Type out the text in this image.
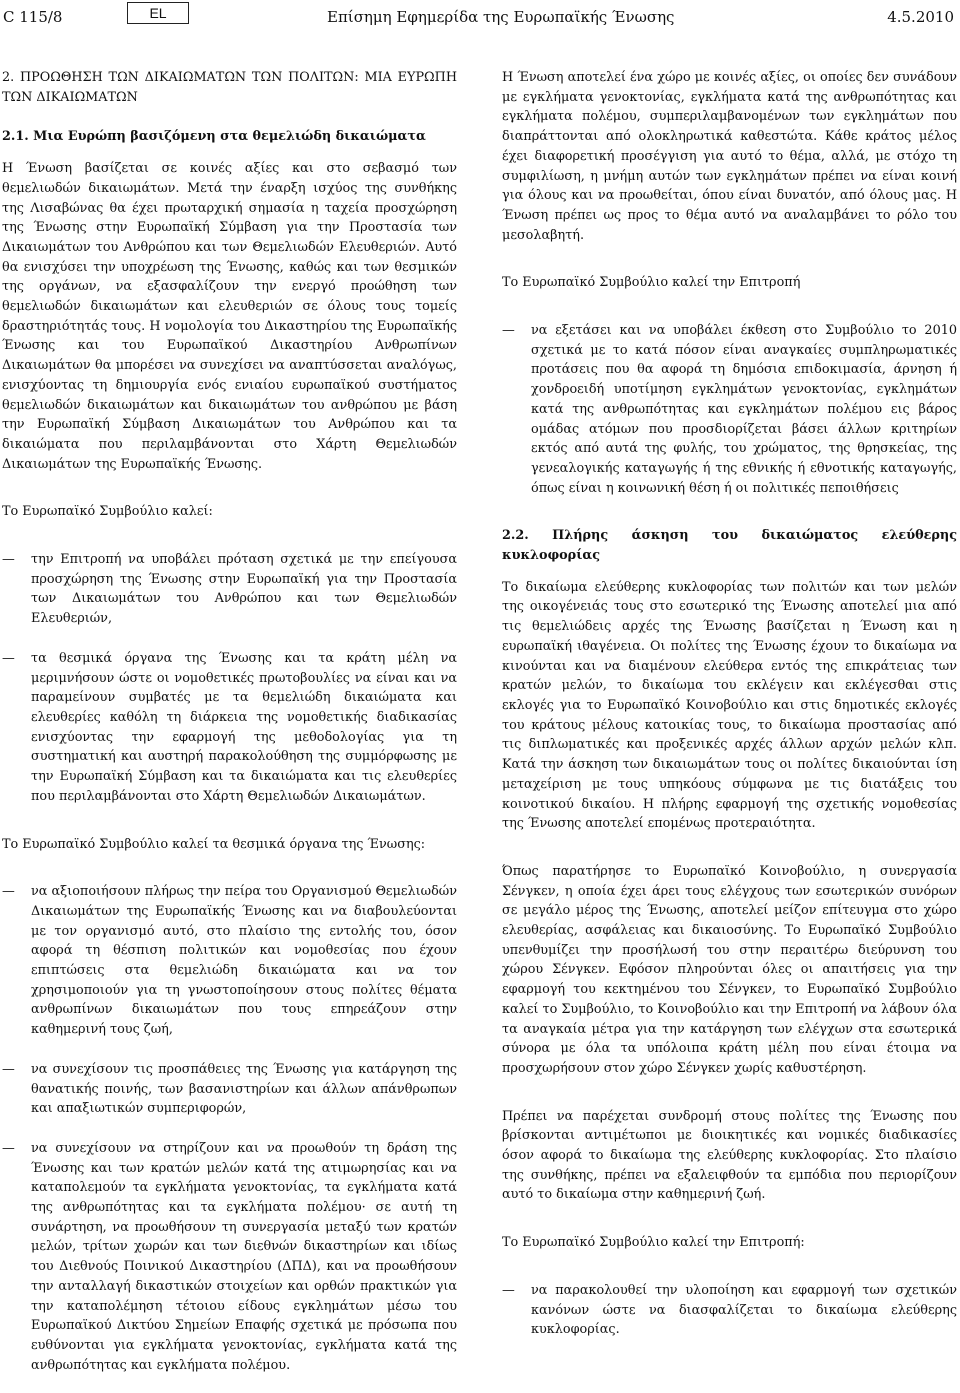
C 115/8	EL	Επίσημη Εφημερίδα της Ευρωπαϊκής Ένωσης	4.5.2010

2. ΠΡΟΩΘΗΣΗ ΤΩΝ ΔΙΚΑΙΩΜΑΤΩΝ ΤΩΝ ΠΟΛΙΤΩΝ: ΜΙΑ ΕΥΡΩΠΗ ΤΩΝ ΔΙΚΑΙΩΜΑΤΩΝ

2.1. Μια Ευρώπη βασιζόμενη στα θεμελιώδη δικαιώματα

Η Ένωση βασίζεται σε κοινές αξίες και στο σεβασμό των θεμελιωδών δικαιωμάτων. Μετά την έναρξη ισχύος της συνθήκης της Λισαβώνας θα έχει πρωταρχική σημασία η ταχεία προσχώρηση της Ένωσης στην Ευρωπαϊκή Σύμβαση για την Προστασία των Δικαιωμάτων του Ανθρώπου και των Θεμελιωδών Ελευθεριών. Αυτό θα ενισχύσει την υποχρέωση της Ένωσης, καθώς και των θεσμικών της οργάνων, να εξασφαλίζουν την ενεργό προώθηση των θεμελιωδών δικαιωμάτων και ελευθεριών σε όλους τους τομείς δραστηριότητάς τους. Η νομολογία του Δικαστηρίου της Ευρωπαϊκής Ένωσης και του Ευρωπαϊκού Δικαστηρίου Ανθρωπίνων Δικαιωμάτων θα μπορέσει να συνεχίσει να αναπτύσσεται αναλόγως, ενισχύοντας τη δημιουργία ενός ενιαίου ευρωπαϊκού συστήματος θεμελιωδών δικαιωμάτων και δικαιωμάτων του ανθρώπου με βάση την Ευρωπαϊκή Σύμβαση Δικαιωμάτων του Ανθρώπου και τα δικαιώματα που περιλαμβάνονται στο Χάρτη Θεμελιωδών Δικαιωμάτων της Ευρωπαϊκής Ένωσης.

Το Ευρωπαϊκό Συμβούλιο καλεί:

—	την Επιτροπή να υποβάλει πρόταση σχετικά με την επείγουσα προσχώρηση της Ένωσης στην Ευρωπαϊκή για την Προστασία των Δικαιωμάτων του Ανθρώπου και των Θεμελιωδών Ελευθεριών,

—	τα θεσμικά όργανα της Ένωσης και τα κράτη μέλη να μεριμνήσουν ώστε οι νομοθετικές πρωτοβουλίες να είναι και να παραμείνουν συμβατές με τα θεμελιώδη δικαιώματα και ελευθερίες καθόλη τη διάρκεια της νομοθετικής διαδικασίας ενισχύοντας την εφαρμογή της μεθοδολογίας για τη συστηματική και αυστηρή παρακολούθηση της συμμόρφωσης με την Ευρωπαϊκή Σύμβαση και τα δικαιώματα και τις ελευθερίες που περιλαμβάνονται στο Χάρτη Θεμελιωδών Δικαιωμάτων.

Το Ευρωπαϊκό Συμβούλιο καλεί τα θεσμικά όργανα της Ένωσης:

—	να αξιοποιήσουν πλήρως την πείρα του Οργανισμού Θεμελιωδών Δικαιωμάτων της Ευρωπαϊκής Ένωσης και να διαβουλεύονται με τον οργανισμό αυτό, στο πλαίσιο της εντολής του, όσον αφορά τη θέσπιση πολιτικών και νομοθεσίας που έχουν επιπτώσεις στα θεμελιώδη δικαιώματα και να τον χρησιμοποιούν για τη γνωστοποίησουν στους πολίτες θέματα ανθρωπίνων δικαιωμάτων που τους επηρεάζουν στην καθημερινή τους ζωή,

—	να συνεχίσουν τις προσπάθειες της Ένωσης για κατάργηση της θανατικής ποινής, των βασανιστηρίων και άλλων απάνθρωπων και απαξιωτικών συμπεριφορών,

—	να συνεχίσουν να στηρίζουν και να προωθούν τη δράση της Ένωσης και των κρατών μελών κατά της ατιμωρησίας και να καταπολεμούν τα εγκλήματα γενοκτονίας, τα εγκλήματα κατά της ανθρωπότητας και τα εγκλήματα πολέμου· σε αυτή τη συνάρτηση, να προωθήσουν τη συνεργασία μεταξύ των κρατών μελών, τρίτων χωρών και των διεθνών δικαστηρίων και ιδίως του Διεθνούς Ποινικού Δικαστηρίου (ΔΠΔ), και να προωθήσουν την ανταλλαγή δικαστικών στοιχείων και ορθών πρακτικών για την καταπολέμηση τέτοιου είδους εγκλημάτων μέσω του Ευρωπαϊκού Δικτύου Σημείων Επαφής σχετικά με πρόσωπα που ευθύνονται για εγκλήματα γενοκτονίας, εγκλήματα κατά της ανθρωπότητας και εγκλήματα πολέμου.

Η Ένωση αποτελεί ένα χώρο με κοινές αξίες, οι οποίες δεν συνάδουν με εγκλήματα γενοκτονίας, εγκλήματα κατά της ανθρωπότητας και εγκλήματα πολέμου, συμπεριλαμβανομένων των εγκλημάτων που διαπράττονται από ολοκληρωτικά καθεστώτα. Κάθε κράτος μέλος έχει διαφορετική προσέγγιση για αυτό το θέμα, αλλά, με στόχο τη συμφιλίωση, η μνήμη αυτών των εγκλημάτων πρέπει να είναι κοινή για όλους και να προωθείται, όπου είναι δυνατόν, από όλους μας. Η Ένωση πρέπει ως προς το θέμα αυτό να αναλαμβάνει το ρόλο του μεσολαβητή.

Το Ευρωπαϊκό Συμβούλιο καλεί την Επιτροπή

—	να εξετάσει και να υποβάλει έκθεση στο Συμβούλιο το 2010 σχετικά με το κατά πόσον είναι αναγκαίες συμπληρωματικές προτάσεις που θα αφορά τη δημόσια επιδοκιμασία, άρνηση ή χονδροειδή υποτίμηση εγκλημάτων γενοκτονίας, εγκλημάτων κατά της ανθρωπότητας και εγκλημάτων πολέμου εις βάρος ομάδας ατόμων που προσδιορίζεται βάσει άλλων κριτηρίων εκτός από αυτά της φυλής, του χρώματος, της θρησκείας, της γενεαλογικής καταγωγής ή της εθνικής ή εθνοτικής καταγωγής, όπως είναι η κοινωνική θέση ή οι πολιτικές πεποιθήσεις

2.2. Πλήρης άσκηση του δικαιώματος ελεύθερης κυκλοφορίας

Το δικαίωμα ελεύθερης κυκλοφορίας των πολιτών και των μελών της οικογένειάς τους στο εσωτερικό της Ένωσης αποτελεί μια από τις θεμελιώδεις αρχές της Ένωσης βασίζεται η Ένωση και η ευρωπαϊκή ιθαγένεια. Οι πολίτες της Ένωσης έχουν το δικαίωμα να κινούνται και να διαμένουν ελεύθερα εντός της επικράτειας των κρατών μελών, το δικαίωμα του εκλέγειν και εκλέγεσθαι στις εκλογές για το Ευρωπαϊκό Κοινοβούλιο και στις δημοτικές εκλογές του κράτους μέλους κατοικίας τους, το δικαίωμα προστασίας από τις διπλωματικές και προξενικές αρχές άλλων αρχών μελών κλπ. Κατά την άσκηση των δικαιωμάτων τους οι πολίτες δικαιούνται ίση μεταχείριση με τους υπηκόους σύμφωνα με τις διατάξεις του κοινοτικού δικαίου. Η πλήρης εφαρμογή της σχετικής νομοθεσίας της Ένωσης αποτελεί επομένως προτεραιότητα.

Όπως παρατήρησε το Ευρωπαϊκό Κοινοβούλιο, η συνεργασία Σένγκεν, η οποία έχει άρει τους ελέγχους των εσωτερικών συνόρων σε μεγάλο μέρος της Ένωσης, αποτελεί μείζον επίτευγμα στο χώρο ελευθερίας, ασφάλειας και δικαιοσύνης. Το Ευρωπαϊκό Συμβούλιο υπενθυμίζει την προσήλωσή του στην περαιτέρω διεύρυνση του χώρου Σένγκεν. Εφόσον πληρούνται όλες οι απαιτήσεις για την εφαρμογή του κεκτημένου του Σένγκεν, το Ευρωπαϊκό Συμβούλιο καλεί το Συμβούλιο, το Κοινοβούλιο και την Επιτροπή να λάβουν όλα τα αναγκαία μέτρα για την κατάργηση των ελέγχων στα εσωτερικά σύνορα με όλα τα υπόλοιπα κράτη μέλη που είναι έτοιμα να προσχωρήσουν στον χώρο Σένγκεν χωρίς καθυστέρηση.

Πρέπει να παρέχεται συνδρομή στους πολίτες της Ένωσης που βρίσκονται αντιμέτωποι με διοικητικές και νομικές διαδικασίες όσον αφορά το δικαίωμα της ελεύθερης κυκλοφορίας. Στο πλαίσιο της συνθήκης, πρέπει να εξαλειφθούν τα εμπόδια που περιορίζουν αυτό το δικαίωμα στην καθημερινή ζωή.

Το Ευρωπαϊκό Συμβούλιο καλεί την Επιτροπή:

—	να παρακολουθεί την υλοποίηση και εφαρμογή των σχετικών κανόνων ώστε να διασφαλίζεται το δικαίωμα ελεύθερης κυκλοφορίας.
